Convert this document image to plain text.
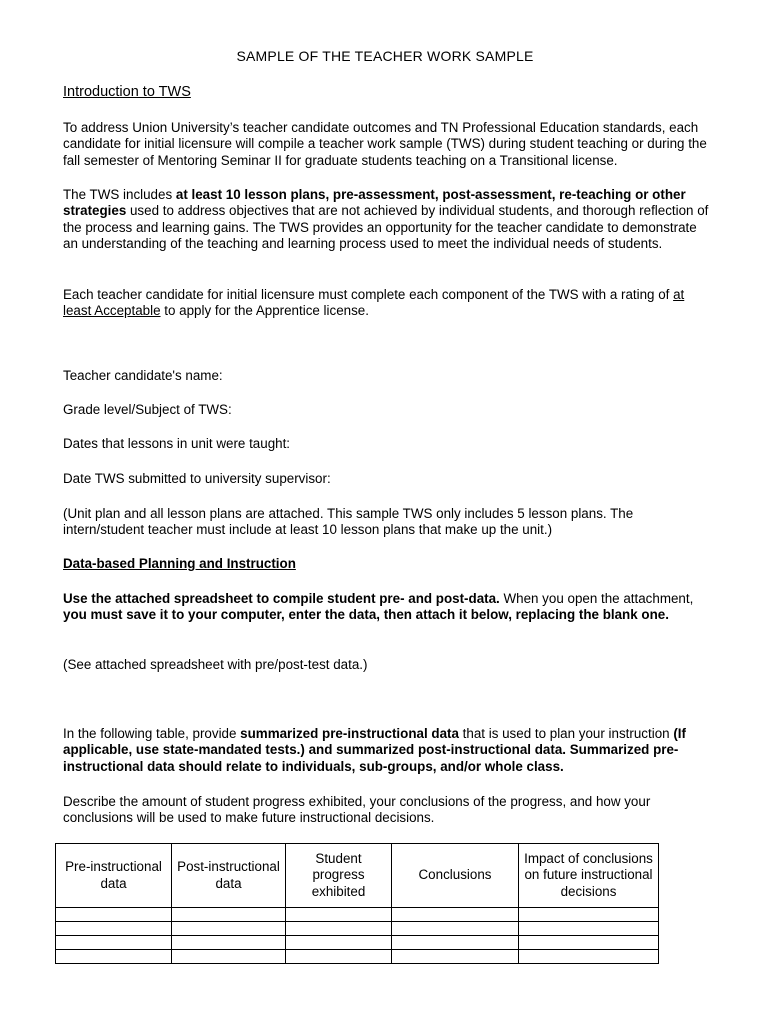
SAMPLE OF THE TEACHER WORK SAMPLE
Introduction to TWS

To address Union University’s teacher candidate outcomes and TN Professional Education standards, each candidate for initial licensure will compile a teacher work sample (TWS) during student teaching or during the fall semester of Mentoring Seminar II for graduate students teaching on a Transitional license.

The TWS includes at least 10 lesson plans, pre-assessment, post-assessment, re-teaching or other strategies used to address objectives that are not achieved by individual students, and thorough reflection of the process and learning gains. The TWS provides an opportunity for the teacher candidate to demonstrate an understanding of the teaching and learning process used to meet the individual needs of students.

Each teacher candidate for initial licensure must complete each component of the TWS with a rating of at least Acceptable to apply for the Apprentice license.

Teacher candidate's name:

Grade level/Subject of TWS:

Dates that lessons in unit were taught:

Date TWS submitted to university supervisor:

(Unit plan and all lesson plans are attached. This sample TWS only includes 5 lesson plans. The intern/student teacher must include at least 10 lesson plans that make up the unit.)

Data-based Planning and Instruction

Use the attached spreadsheet to compile student pre- and post-data. When you open the attachment, you must save it to your computer, enter the data, then attach it below, replacing the blank one.

(See attached spreadsheet with pre/post-test data.)

In the following table, provide summarized pre-instructional data that is used to plan your instruction (If applicable, use state-mandated tests.) and summarized post-instructional data. Summarized pre-instructional data should relate to individuals, sub-groups, and/or whole class.

Describe the amount of student progress exhibited, your conclusions of the progress, and how your conclusions will be used to make future instructional decisions.

Pre-instructional data	Post-instructional data	Student progress exhibited	Conclusions	Impact of conclusions on future instructional decisions
